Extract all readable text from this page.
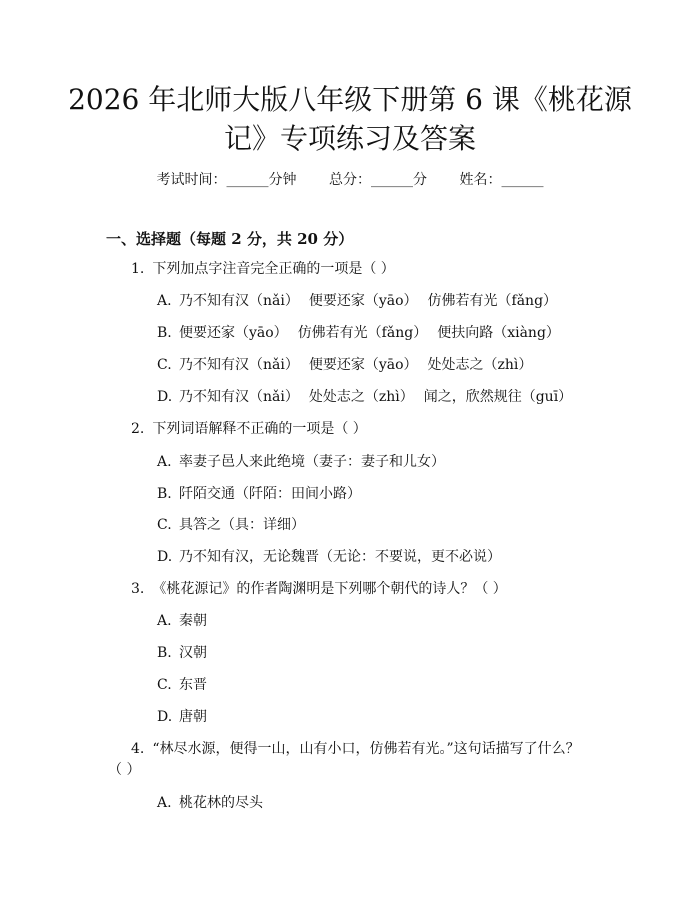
2026 年北师大版八年级下册第 6 课《桃花源
记》专项练习及答案
考试时间：______分钟 总分：______分 姓名：______
一、选择题（每题 2 分，共 20 分）
1. 下列加点字注音完全正确的一项是（ ）
A. 乃不知有汉（nǎi） 便要还家（yāo） 仿佛若有光（fǎng）
B. 便要还家（yāo） 仿佛若有光（fǎng） 便扶向路（xiàng）
C. 乃不知有汉（nǎi） 便要还家（yāo） 处处志之（zhì）
D. 乃不知有汉（nǎi） 处处志之（zhì） 闻之，欣然规往（guī）
2. 下列词语解释不正确的一项是（ ）
A. 率妻子邑人来此绝境（妻子：妻子和儿女）
B. 阡陌交通（阡陌：田间小路）
C. 具答之（具：详细）
D. 乃不知有汉，无论魏晋（无论：不要说，更不必说）
3. 《桃花源记》的作者陶渊明是下列哪个朝代的诗人？（ ）
A. 秦朝
B. 汉朝
C. 东晋
D. 唐朝
4. “林尽水源，便得一山，山有小口，仿佛若有光。”这句话描写了什么？
（ ）
A. 桃花林的尽头
